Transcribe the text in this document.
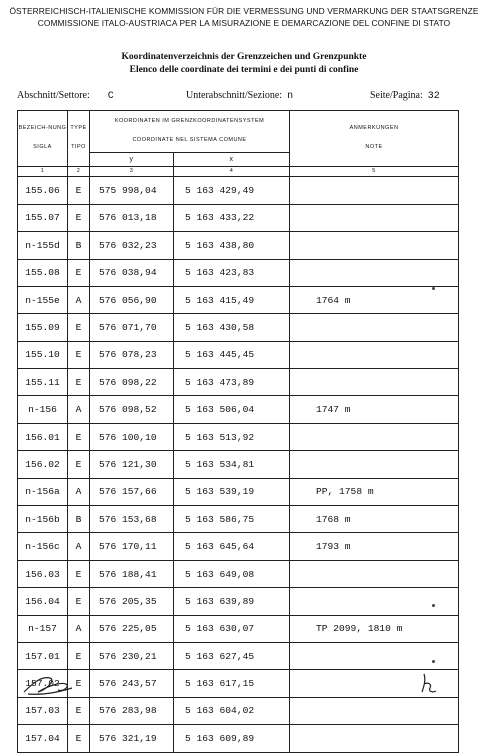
ÖSTERREICHISCH-ITALIENISCHE KOMMISSION FÜR DIE VERMESSUNG UND VERMARKUNG DER STAATSGRENZE
COMMISSIONE ITALO-AUSTRIACA PER LA MISURAZIONE E DEMARCAZIONE DEL CONFINE DI STATO
Koordinatenverzeichnis der Grenzzeichen und Grenzpunkte
Elenco delle coordinate dei termini e dei punti di confine
Abschnitt/Settore: C	Unterabschnitt/Sezione: n	Seite/Pagina: 32
BEZEICH-NUNG

SIGLA	TYPE

TIPO	KOORDINATEN IM GRENZKOORDINATENSYSTEM

COORDINATE NEL SISTEMA COMUNE		ANMERKUNGEN

NOTE
		y	x	
1	2	3	4	5
155.06	E	575 998,04	5 163 429,49	
155.07	E	576 013,18	5 163 433,22	
n-155d	B	576 032,23	5 163 438,80	
155.08	E	576 038,94	5 163 423,83	
n-155e	A	576 056,90	5 163 415,49	1764 m
155.09	E	576 071,70	5 163 430,58	
155.10	E	576 078,23	5 163 445,45	
155.11	E	576 098,22	5 163 473,89	
n-156	A	576 098,52	5 163 506,04	1747 m
156.01	E	576 100,10	5 163 513,92	
156.02	E	576 121,30	5 163 534,81	
n-156a	A	576 157,66	5 163 539,19	PP, 1758 m
n-156b	B	576 153,68	5 163 586,75	1768 m
n-156c	A	576 170,11	5 163 645,64	1793 m
156.03	E	576 188,41	5 163 649,08	
156.04	E	576 205,35	5 163 639,89	
n-157	A	576 225,05	5 163 630,07	TP 2099, 1810 m
157.01	E	576 230,21	5 163 627,45	
157.02	E	576 243,57	5 163 617,15	
157.03	E	576 283,98	5 163 604,02	
157.04	E	576 321,19	5 163 609,89	
